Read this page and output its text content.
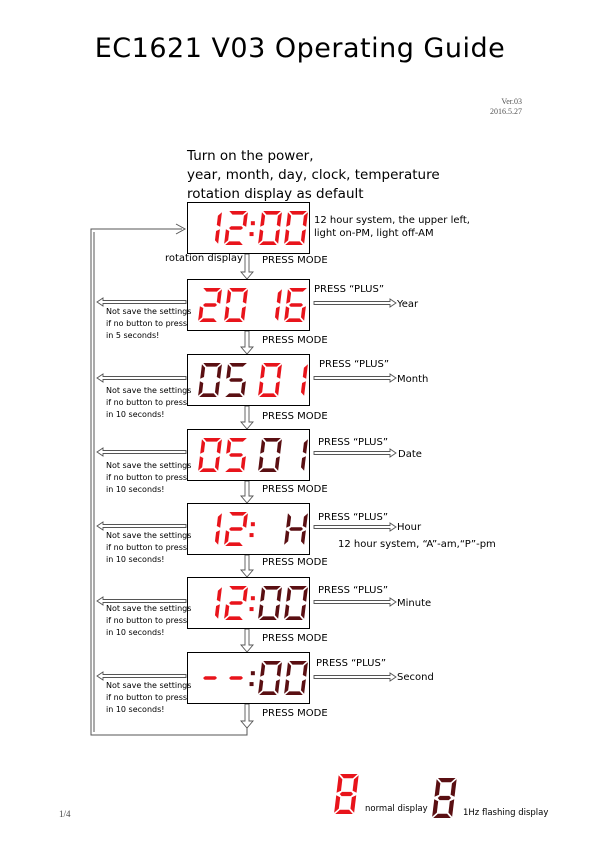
EC1621 V03 Operating Guide
Ver.03
2016.5.27
Turn on the power,
year, month, day, clock, temperature
rotation display as default
12 hour system, the upper left,
light on-PM, light off-AM
rotation display PRESS MODE
PRESS “PLUS”
Year
Not save the settings
if no button to press
in 5 seconds!	PRESS MODE
PRESS “PLUS”
Month
Not save the settings
if no button to press
in 10 seconds!	PRESS MODE
PRESS “PLUS”
Date
Not save the settings
if no button to press
in 10 seconds!	PRESS MODE
PRESS “PLUS”
Hour
12 hour system, “A”-am,“P”-pm
Not save the settings
if no button to press
in 10 seconds!	PRESS MODE
PRESS “PLUS”
Minute
Not save the settings
if no button to press
in 10 seconds!
PRESS MODE
PRESS “PLUS”
Second
Not save the settings
if no button to press
in 10 seconds!	PRESS MODE
normal display	1Hz flashing display
1/4
